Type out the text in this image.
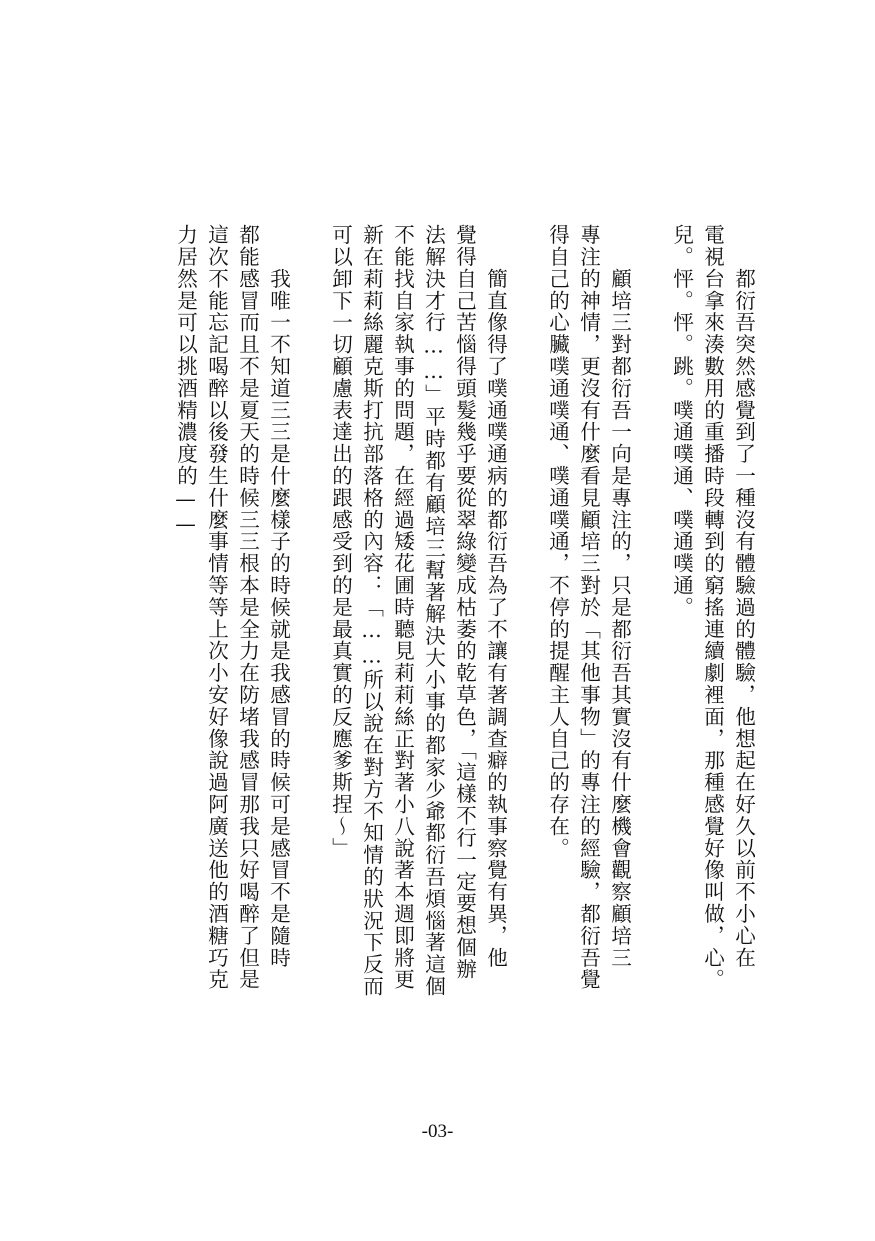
　　都衍吾突然感覺到了一種沒有體驗過的體驗，他想起在好久以前不小心在
電視台拿來湊數用的重播時段轉到的窮搖連續劇裡面，那種感覺好像叫做，心。
兒。怦。怦。跳。噗通噗通、噗通噗通。
　　顧培三對都衍吾一向是專注的，只是都衍吾其實沒有什麼機會觀察顧培三
專注的神情，更沒有什麼看見顧培三對於「其他事物」的專注的經驗，都衍吾覺
得自己的心臟噗通噗通、噗通噗通，不停的提醒主人自己的存在。
　　簡直像得了噗通噗通病的都衍吾為了不讓有著調查癖的執事察覺有異，他
覺得自己苦惱得頭髮幾乎要從翠綠變成枯萎的乾草色，「這樣不行一定要想個辦
法解決才行……」平時都有顧培三幫著解決大小事的都家少爺都衍吾煩惱著這個
不能找自家執事的問題，在經過矮花圃時聽見莉莉絲正對著小八說著本週即將更
新在莉莉絲麗克斯打抗部落格的內容：「……所以說在對方不知情的狀況下反而
可以卸下一切顧慮表達出的跟感受到的是最真實的反應爹斯捏～」
　　我唯一不知道三三是什麼樣子的時候就是我感冒的時候可是感冒不是隨時
都能感冒而且不是夏天的時候三三根本是全力在防堵我感冒那我只好喝醉了但是
這次不能忘記喝醉以後發生什麼事情等等上次小安好像說過阿廣送他的酒糖巧克
力居然是可以挑酒精濃度的——
-03-
